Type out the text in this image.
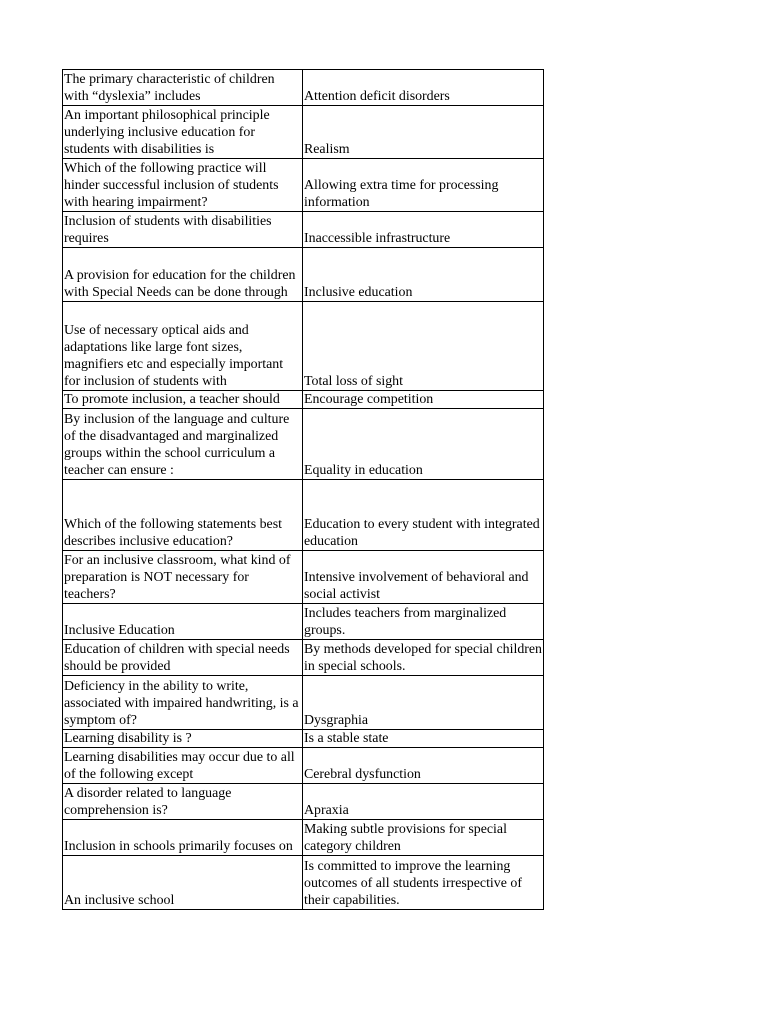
The primary characteristic of children with “dyslexia” includes	Attention deficit disorders
An important philosophical principle underlying inclusive education for students with disabilities is	Realism
Which of the following practice will hinder successful inclusion of students with hearing impairment?	Allowing extra time for processing information
Inclusion of students with disabilities requires	Inaccessible infrastructure
A provision for education for the children with Special Needs can be done through	Inclusive education
Use of necessary optical aids and adaptations like large font sizes, magnifiers etc and especially important for inclusion of students with	Total loss of sight
To promote inclusion, a teacher should	Encourage competition
By inclusion of the language and culture of the disadvantaged and marginalized groups within the school curriculum a teacher can ensure :	Equality in education
Which of the following statements best describes inclusive education?	Education to every student with integrated education
For an inclusive classroom, what kind of preparation is NOT necessary for teachers?	Intensive involvement of behavioral and social activist
Inclusive Education	Includes teachers from marginalized groups.
Education of children with special needs should be provided	By methods developed for special children in special schools.
Deficiency in the ability to write, associated with impaired handwriting, is a symptom of?	Dysgraphia
Learning disability is ?	Is a stable state
Learning disabilities may occur due to all of the following except	Cerebral dysfunction
A disorder related to language comprehension is?	Apraxia
Inclusion in schools primarily focuses on	Making subtle provisions for special category children
An inclusive school	Is committed to improve the learning outcomes of all students irrespective of their capabilities.
